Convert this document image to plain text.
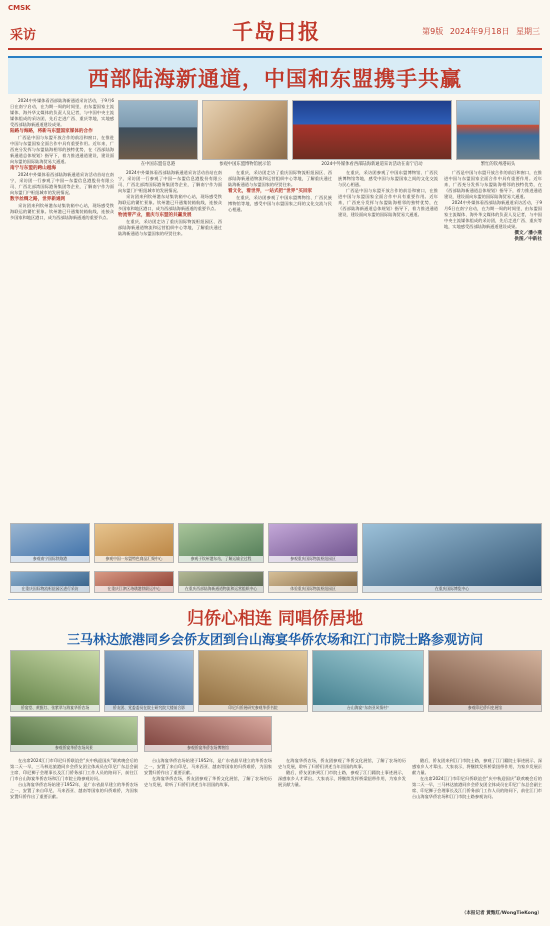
CMSK
采访	千岛日报	第9版 2024年9月18日 星期三
西部陆海新通道，中国和东盟携手共赢

2024中外媒体看西部陆海新通道采访活动，于9月6日在南宁启动，在为期一周的时间里，由东盟国家主流媒体、海外华文媒体的负责人及记者，与中国中央主流媒体组成的采访团，先后走进广西、重庆等地，实地感受西部陆海新通道建设成果。

陆路与海路，将新马东盟国家媒体的合作

广西是中国与东盟开放合作的前沿和窗口，在推进中国与东盟国家全面合作中具有重要作用。近年来，广西充分发挥与东盟陆海相邻的独特优势，在《西部陆海新通道总体规划》指导下，着力推进通道建设，建设面向东盟的国际陆海贸易大通道。

南宁与东盟的跨山越海

2024中外媒体看西部陆海新通道采访活动首站在南宁，采访团一行参观了中国—东盟信息港股份有限公司、广西北部湾国际港务集团等企业，了解南宁作为面向东盟门户枢纽城市的发展情况。

数字丝绸之路，世界新通网

采访团来到钦州港东站集装箱中心站，现场感受铁海联运的繁忙景象。钦州港已开通集装箱航线，连接众多国家和地区港口，成为西部陆海新通道的重要节点。

在中国东盟信息港	参观中国东盟博物馆展示馆	2024中外媒体看西部陆海新通道采访活动在南宁启动	繁忙的钦州港码头

2024中外媒体看西部陆海新通道采访活动首站在南宁，采访团一行参观了中国—东盟信息港股份有限公司、广西北部湾国际港务集团等企业，了解南宁作为面向东盟门户枢纽城市的发展情况。

采访团来到钦州港东站集装箱中心站，现场感受铁海联运的繁忙景象。钦州港已开通集装箱航线，连接众多国家和地区港口，成为西部陆海新通道的重要节点。

物流带产业，重庆与东盟的共赢发展

在重庆，采访团走访了重庆国际物流枢纽园区、西部陆海新通道物流和运营组织中心等地，了解重庆通过陆海新通道与东盟国家的经贸往来。

在重庆，采访团走访了重庆国际物流枢纽园区、西部陆海新通道物流和运营组织中心等地，了解重庆通过陆海新通道与东盟国家的经贸往来。

看文化，看世界，一站式把“世界”买回家

在重庆，采访团参观了中国东盟博物馆、广西民族博物馆等地，感受中国与东盟国家之间的文化交流与民心相通。

在重庆，采访团参观了中国东盟博物馆、广西民族博物馆等地，感受中国与东盟国家之间的文化交流与民心相通。

广西是中国与东盟开放合作的前沿和窗口，在推进中国与东盟国家全面合作中具有重要作用。近年来，广西充分发挥与东盟陆海相邻的独特优势，在《西部陆海新通道总体规划》指导下，着力推进通道建设，建设面向东盟的国际陆海贸易大通道。

广西是中国与东盟开放合作的前沿和窗口，在推进中国与东盟国家全面合作中具有重要作用。近年来，广西充分发挥与东盟陆海相邻的独特优势，在《西部陆海新通道总体规划》指导下，着力推进通道建设，建设面向东盟的国际陆海贸易大通道。

2024中外媒体看西部陆海新通道采访活动，于9月6日在南宁启动，在为期一周的时间里，由东盟国家主流媒体、海外华文媒体的负责人及记者，与中国中央主流媒体组成的采访团，先后走进广西、重庆等地，实地感受西部陆海新通道建设成果。

撰文／潘小燕

供图／中新社

参观南宁国际铁路港	参观中国一东盟特色商品汇聚中心	参观于钦州港东站，了解运输全过程	参观重庆国际物流枢纽园区
在重庆国际物流枢纽园区进行采访	在重庆江津区珞璜港铁联运中心	在重庆西部陆海新通道物流和运营组织中心	体验重庆国际物流枢纽园区	在重庆国际博览中心
归侨心相连 同唱侨居地
三马林达旅港同乡会侨友团到台山海宴华侨农场和江门市院士路参观访问
侨宴堂、黄甄红、张紫翠与海宴华侨农场	侨友团、党委委员在院士研究院大楼前合影	印尼归侨展研究参观华侨书院	台山海宴“东南亚风情村”	参观印尼侨归史展馆
参观侨宴华侨农场风景	参观侨宴华侨农场博物馆

在出席2024江门市印尼归侨联谊会“庆中秋迎国庆”联欢晚会后的第二天一早，三马林达旅港同乡会侨友团全体成员在印尼广东总会副主席、印尼狮子会理事长及江门侨务部门工作人员的陪同下，前往江门市台山海宴华侨农场和江门市院士路参观访问。

台山海宴华侨农场始建于1952年，是广东省最早建立的华侨农场之一，安置了来自印尼、马来西亚、越南等国家的归侨难侨，为国家安置归侨作出了重要贡献。

台山海宴华侨农场始建于1952年，是广东省最早建立的华侨农场之一，安置了来自印尼、马来西亚、越南等国家的归侨难侨，为国家安置归侨作出了重要贡献。

在海宴华侨农场，侨友团参观了华侨文化展馆，了解了农场的历史与发展，聆听了归侨们讲述当年回国的故事。

在海宴华侨农场，侨友团参观了华侨文化展馆，了解了农场的历史与发展，聆听了归侨们讲述当年回国的故事。

随后，侨友团来到江门市院士路，参观了江门籍院士事迹展示，深感家乡人才辈出。大家表示，将继续发挥桥梁纽带作用，为家乡发展贡献力量。

随后，侨友团来到江门市院士路，参观了江门籍院士事迹展示，深感家乡人才辈出。大家表示，将继续发挥桥梁纽带作用，为家乡发展贡献力量。

在出席2024江门市印尼归侨联谊会“庆中秋迎国庆”联欢晚会后的第二天一早，三马林达旅港同乡会侨友团全体成员在印尼广东总会副主席、印尼狮子会理事长及江门侨务部门工作人员的陪同下，前往江门市台山海宴华侨农场和江门市院士路参观访问。

（本报记者 黄甄红/WongTieKong）
